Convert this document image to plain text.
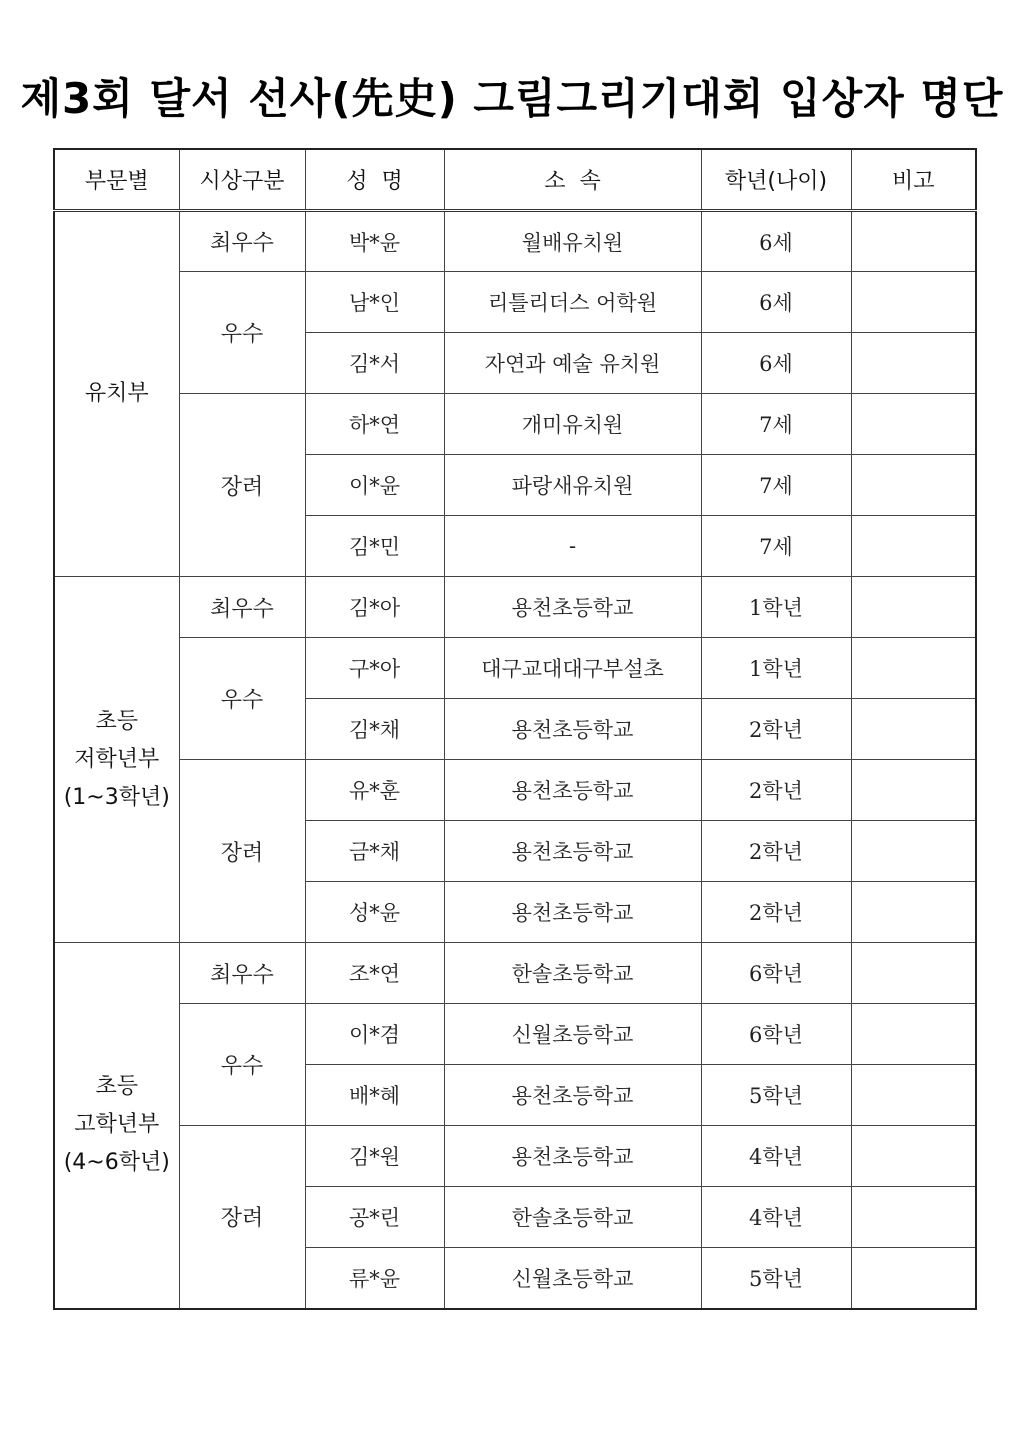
제3회 달서 선사(先史) 그림그리기대회 입상자 명단
부문별	시상구분	성  명	소  속	학년(나이)	비고

유치부	최우수	박*윤	월배유치원	6세	
	우수	남*인	리틀리더스 어학원	6세	
		김*서	자연과 예술 유치원	6세	
	장려	하*연	개미유치원	7세	
		이*윤	파랑새유치원	7세	
		김*민	-	7세	

초등
저학년부
(1~3학년)	최우수	김*아	용천초등학교	1학년	
	우수	구*아	대구교대대구부설초	1학년	
		김*채	용천초등학교	2학년	
	장려	유*훈	용천초등학교	2학년	
		금*채	용천초등학교	2학년	
		성*윤	용천초등학교	2학년	

초등
고학년부
(4~6학년)	최우수	조*연	한솔초등학교	6학년	
	우수	이*겸	신월초등학교	6학년	
		배*혜	용천초등학교	5학년	
	장려	김*원	용천초등학교	4학년	
		공*린	한솔초등학교	4학년	
		류*윤	신월초등학교	5학년	
